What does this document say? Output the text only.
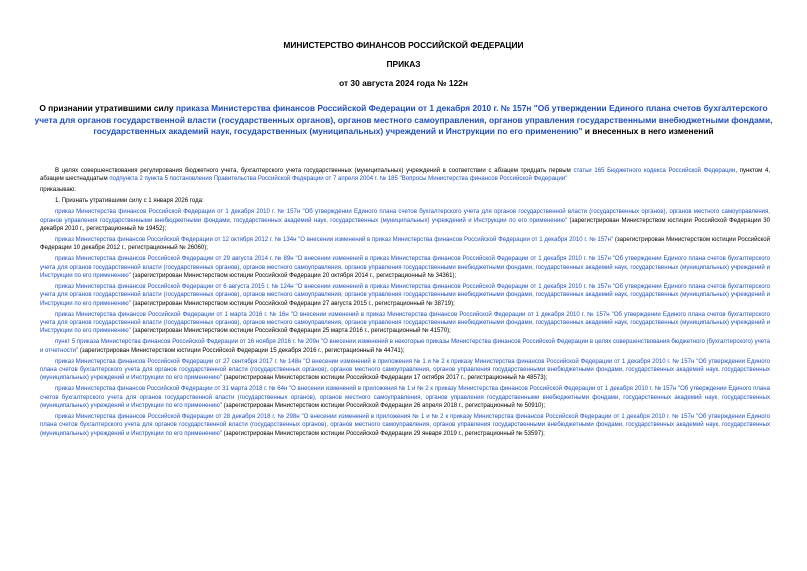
МИНИСТЕРСТВО ФИНАНСОВ РОССИЙСКОЙ ФЕДЕРАЦИИ
ПРИКАЗ
от 30 августа 2024 года № 122н
О признании утратившими силу приказа Министерства финансов Российской Федерации от 1 декабря 2010 г. № 157н "Об утверждении Единого плана счетов бухгалтерского учета для органов государственной власти (государственных органов), органов местного самоуправления, органов управления государственными внебюджетными фондами, государственных академий наук, государственных (муниципальных) учреждений и Инструкции по его применению" и внесенных в него изменений

В целях совершенствования регулирования бюджетного учета, бухгалтерского учета государственных (муниципальных) учреждений в соответствии с абзацем тридцать первым статьи 165 Бюджетного кодекса Российской Федерации, пунктом 4, абзацем шестнадцатым подпункта 2 пункта 5 постановления Правительства Российской Федерации от 7 апреля 2004 г. № 185 "Вопросы Министерства финансов Российской Федерации"

приказываю:

1. Признать утратившими силу с 1 января 2026 года:

приказ Министерства финансов Российской Федерации от 1 декабря 2010 г. № 157н "Об утверждении Единого плана счетов бухгалтерского учета для органов государственной власти (государственных органов), органов местного самоуправления, органов управления государственными внебюджетными фондами, государственных академий наук, государственных (муниципальных) учреждений и Инструкции по его применению" (зарегистрирован Министерством юстиции Российской Федерации 30 декабря 2010 г., регистрационный № 19452);

приказ Министерства финансов Российской Федерации от 12 октября 2012 г. № 134н "О внесении изменений в приказ Министерства финансов Российской Федерации от 1 декабря 2010 г. № 157н" (зарегистрирован Министерством юстиции Российской Федерации 10 декабря 2012 г., регистрационный № 26060);

приказ Министерства финансов Российской Федерации от 29 августа 2014 г. № 89н "О внесении изменений в приказ Министерства финансов Российской Федерации от 1 декабря 2010 г. № 157н "Об утверждении Единого плана счетов бухгалтерского учета для органов государственной власти (государственных органов), органов местного самоуправления, органов управления государственными внебюджетными фондами, государственных академий наук, государственных (муниципальных) учреждений и Инструкции по его применению" (зарегистрирован Министерством юстиции Российской Федерации 20 октября 2014 г., регистрационный № 34361);

приказ Министерства финансов Российской Федерации от 6 августа 2015 г. № 124н "О внесении изменений в приказ Министерства финансов Российской Федерации от 1 декабря 2010 г. № 157н "Об утверждении Единого плана счетов бухгалтерского учета для органов государственной власти (государственных органов), органов местного самоуправления, органов управления государственными внебюджетными фондами, государственных академий наук, государственных (муниципальных) учреждений и Инструкции по его применению" (зарегистрирован Министерством юстиции Российской Федерации 27 августа 2015 г., регистрационный № 38719);

приказ Министерства финансов Российской Федерации от 1 марта 2016 г. № 16н "О внесении изменений в приказ Министерства финансов Российской Федерации от 1 декабря 2010 г. № 157н "Об утверждении Единого плана счетов бухгалтерского учета для органов государственной власти (государственных органов), органов местного самоуправления, органов управления государственными внебюджетными фондами, государственных академий наук, государственных (муниципальных) учреждений и Инструкции по его применению" (зарегистрирован Министерством юстиции Российской Федерации 25 марта 2016 г., регистрационный № 41570);

пункт 5 приказа Министерства финансов Российской Федерации от 16 ноября 2016 г. № 209н "О внесении изменений в некоторые приказы Министерства финансов Российской Федерации в целях совершенствования бюджетного (бухгалтерского) учета и отчетности" (зарегистрирован Министерством юстиции Российской Федерации 15 декабря 2016 г., регистрационный № 44741);

приказ Министерства финансов Российской Федерации от 27 сентября 2017 г. № 148н "О внесении изменений в приложения № 1 и № 2 к приказу Министерства финансов Российской Федерации от 1 декабря 2010 г. № 157н "Об утверждении Единого плана счетов бухгалтерского учета для органов государственной власти (государственных органов), органов местного самоуправления, органов управления государственными внебюджетными фондами, государственных академий наук, государственных (муниципальных) учреждений и Инструкции по его применению" (зарегистрирован Министерством юстиции Российской Федерации 17 октября 2017 г., регистрационный № 48573);

приказ Министерства финансов Российской Федерации от 31 марта 2018 г. № 64н "О внесении изменений в приложения № 1 и № 2 к приказу Министерства финансов Российской Федерации от 1 декабря 2010 г. № 157н "Об утверждении Единого плана счетов бухгалтерского учета для органов государственной власти (государственных органов), органов местного самоуправления, органов управления государственными внебюджетными фондами, государственных академий наук, государственных (муниципальных) учреждений и Инструкции по его применению" (зарегистрирован Министерством юстиции Российской Федерации 26 апреля 2018 г., регистрационный № 50910);

приказ Министерства финансов Российской Федерации от 28 декабря 2018 г. № 298н "О внесении изменений в приложения № 1 и № 2 к приказу Министерства финансов Российской Федерации от 1 декабря 2010 г. № 157н "Об утверждении Единого плана счетов бухгалтерского учета для органов государственной власти (государственных органов), органов местного самоуправления, органов управления государственными внебюджетными фондами, государственных академий наук, государственных (муниципальных) учреждений и Инструкции по его применению" (зарегистрирован Министерством юстиции Российской Федерации 29 января 2019 г., регистрационный № 53597);
